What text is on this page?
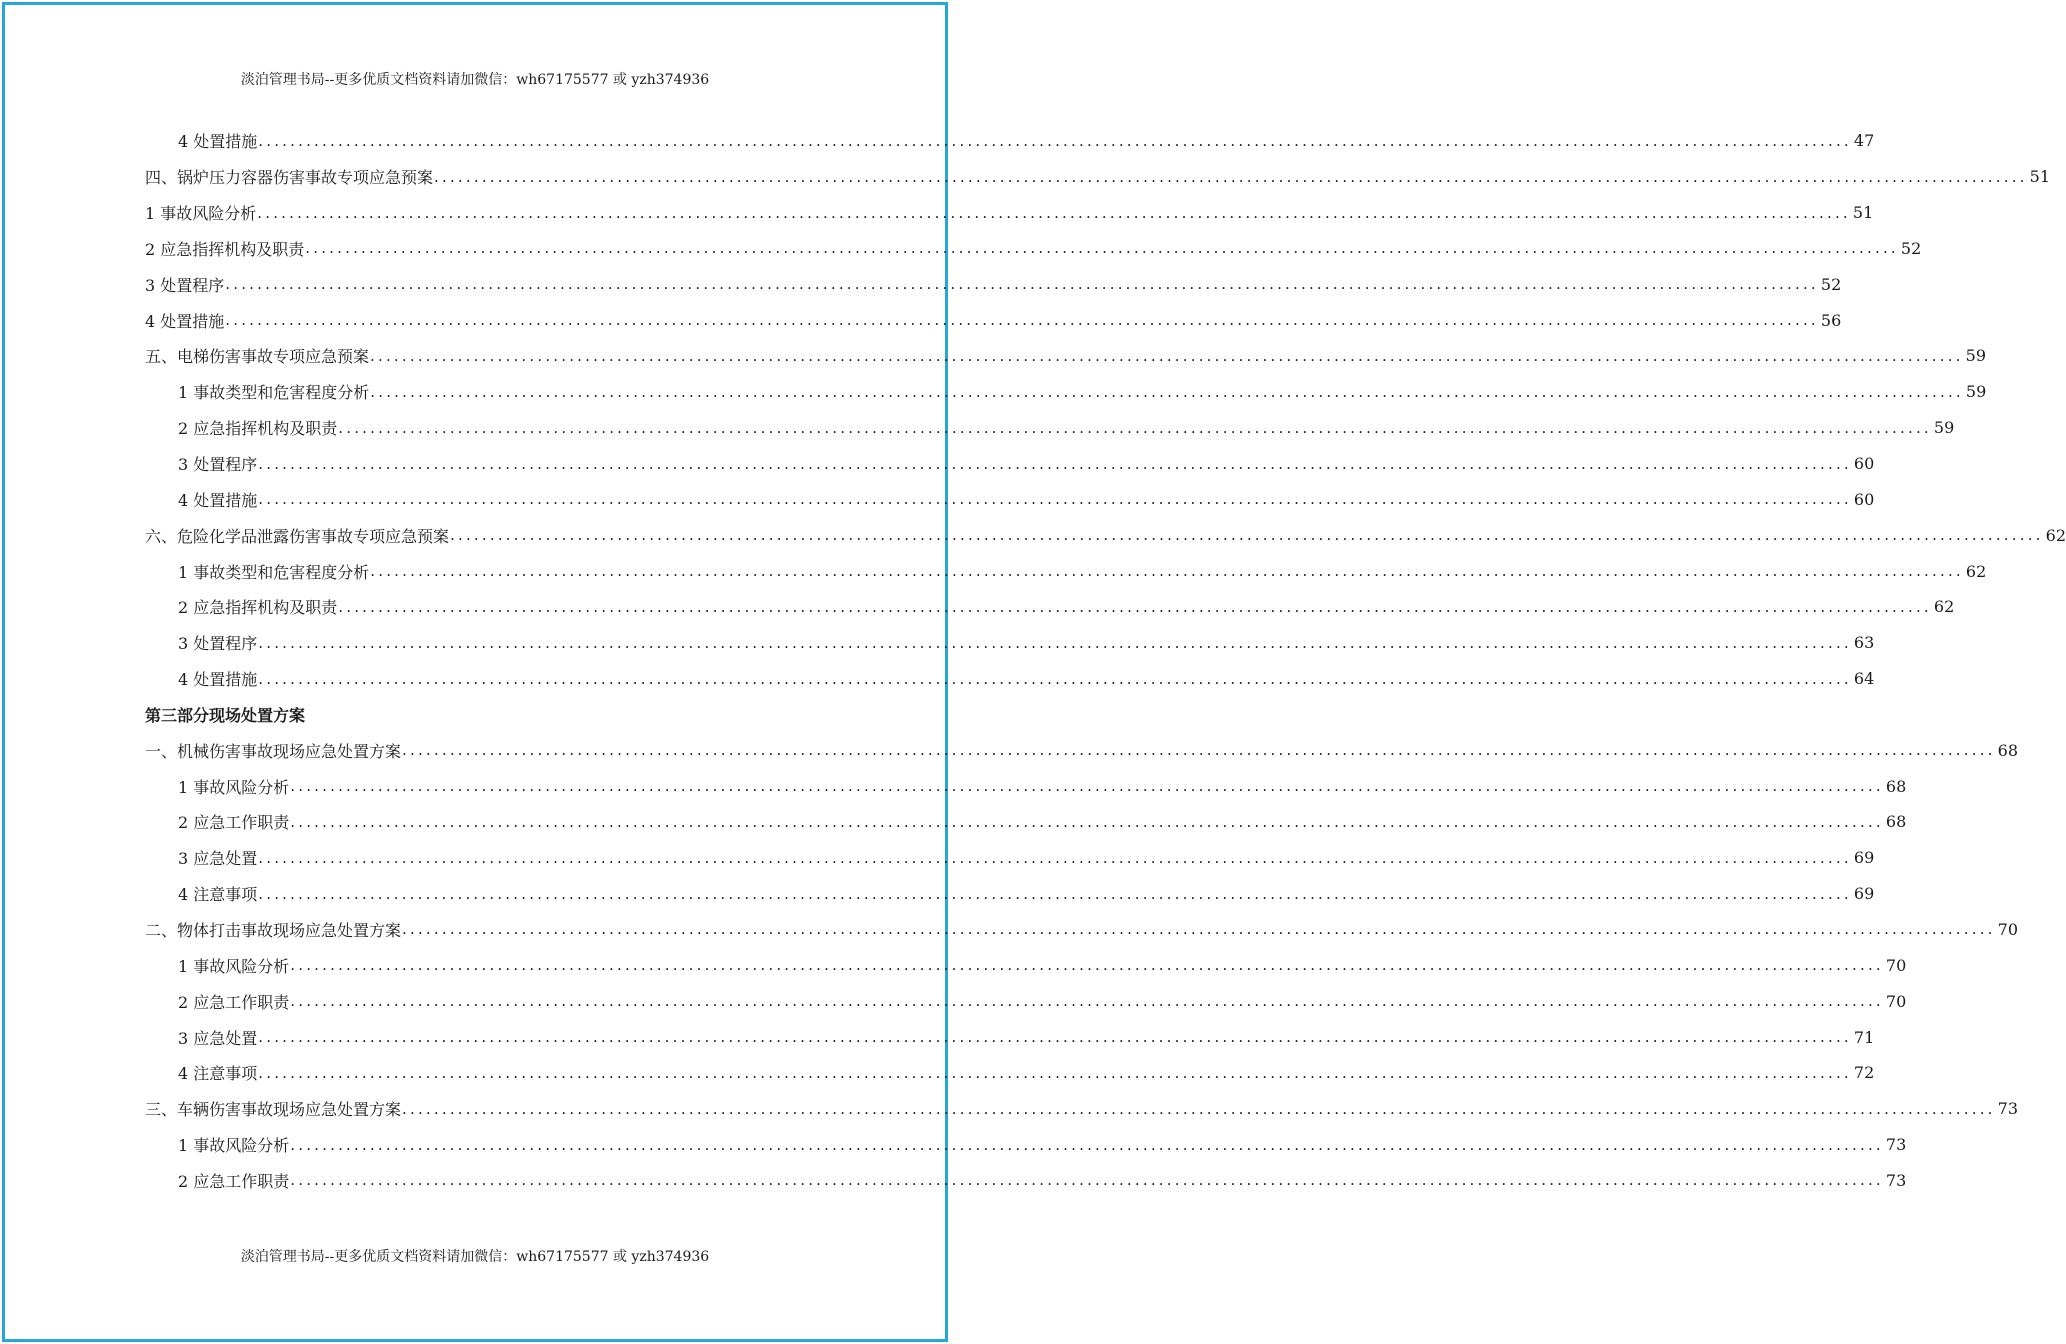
淡泊管理书局--更多优质文档资料请加微信：wh67175577 或 yzh374936
4 处置措施 ........................................................................................................................................................................................................ 47
四、锅炉压力容器伤害事故专项应急预案 ........................................................................................................................................................................................................ 51
1 事故风险分析 ........................................................................................................................................................................................................ 51
2 应急指挥机构及职责 ........................................................................................................................................................................................................ 52
3 处置程序 ........................................................................................................................................................................................................ 52
4 处置措施 ........................................................................................................................................................................................................ 56
五、电梯伤害事故专项应急预案 ........................................................................................................................................................................................................ 59
1 事故类型和危害程度分析 ........................................................................................................................................................................................................ 59
2 应急指挥机构及职责 ........................................................................................................................................................................................................ 59
3 处置程序 ........................................................................................................................................................................................................ 60
4 处置措施 ........................................................................................................................................................................................................ 60
六、危险化学品泄露伤害事故专项应急预案 ........................................................................................................................................................................................................ 62
1 事故类型和危害程度分析 ........................................................................................................................................................................................................ 62
2 应急指挥机构及职责 ........................................................................................................................................................................................................ 62
3 处置程序 ........................................................................................................................................................................................................ 63
4 处置措施 ........................................................................................................................................................................................................ 64
第三部分现场处置方案
一、机械伤害事故现场应急处置方案 ........................................................................................................................................................................................................ 68
1 事故风险分析 ........................................................................................................................................................................................................ 68
2 应急工作职责 ........................................................................................................................................................................................................ 68
3 应急处置 ........................................................................................................................................................................................................ 69
4 注意事项 ........................................................................................................................................................................................................ 69
二、物体打击事故现场应急处置方案 ........................................................................................................................................................................................................ 70
1 事故风险分析 ........................................................................................................................................................................................................ 70
2 应急工作职责 ........................................................................................................................................................................................................ 70
3 应急处置 ........................................................................................................................................................................................................ 71
4 注意事项 ........................................................................................................................................................................................................ 72
三、车辆伤害事故现场应急处置方案 ........................................................................................................................................................................................................ 73
1 事故风险分析 ........................................................................................................................................................................................................ 73
2 应急工作职责 ........................................................................................................................................................................................................ 73
淡泊管理书局--更多优质文档资料请加微信：wh67175577 或 yzh374936
